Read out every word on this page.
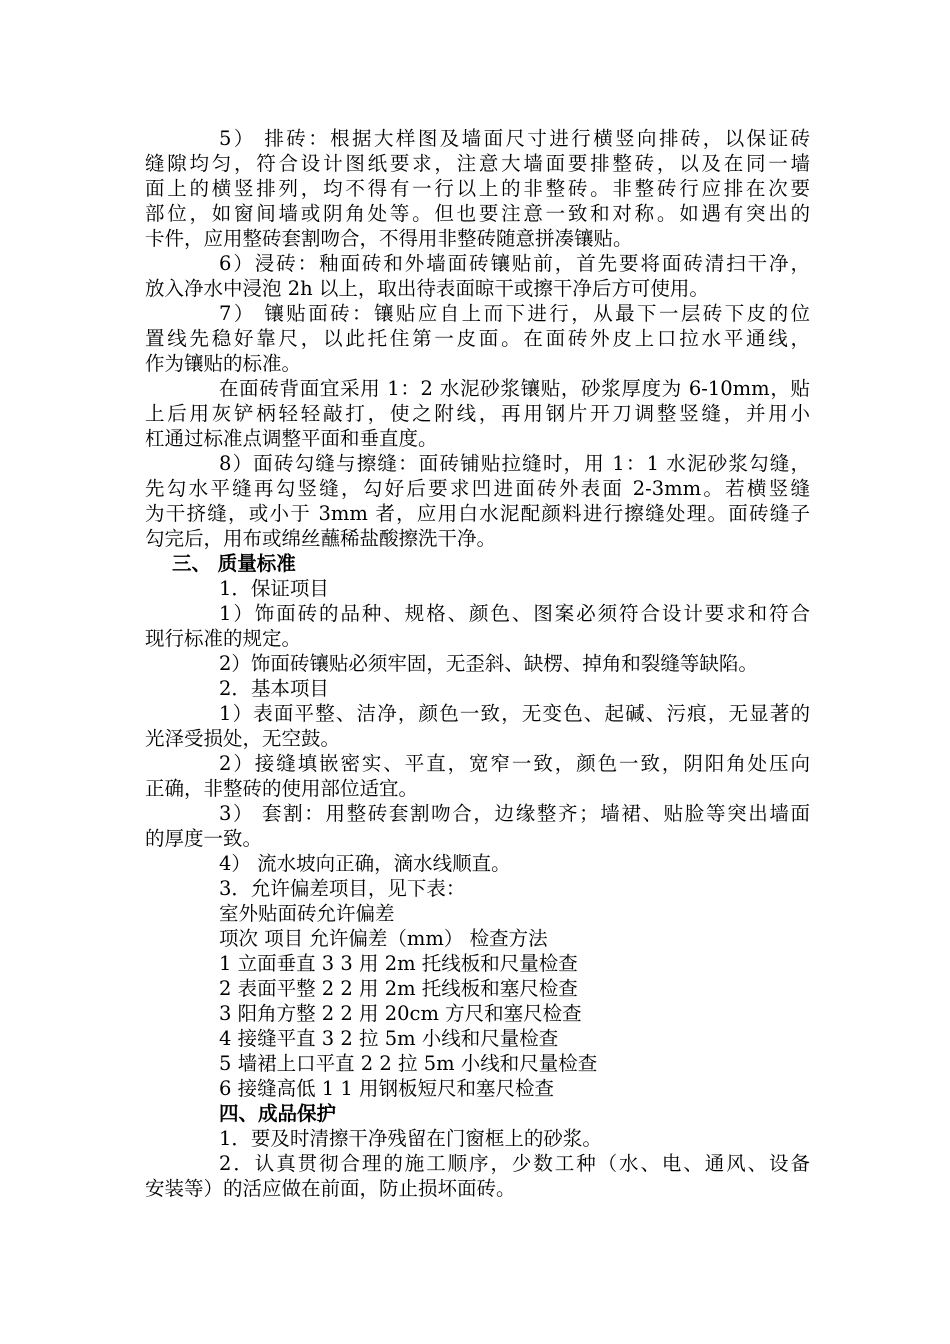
5） 排砖：根据大样图及墙面尺寸进行横竖向排砖，以保证砖
缝隙均匀，符合设计图纸要求，注意大墙面要排整砖，以及在同一墙
面上的横竖排列，均不得有一行以上的非整砖。非整砖行应排在次要
部位，如窗间墙或阴角处等。但也要注意一致和对称。如遇有突出的
卡件，应用整砖套割吻合，不得用非整砖随意拼凑镶贴。
6）浸砖：釉面砖和外墙面砖镶贴前，首先要将面砖清扫干净，
放入净水中浸泡 2h 以上，取出待表面晾干或擦干净后方可使用。
7） 镶贴面砖：镶贴应自上而下进行，从最下一层砖下皮的位
置线先稳好靠尺，以此托住第一皮面。在面砖外皮上口拉水平通线，
作为镶贴的标准。
在面砖背面宜采用 1：2 水泥砂浆镶贴，砂浆厚度为 6-10mm，贴
上后用灰铲柄轻轻敲打，使之附线，再用钢片开刀调整竖缝，并用小
杠通过标准点调整平面和垂直度。
8）面砖勾缝与擦缝：面砖铺贴拉缝时，用 1：1 水泥砂浆勾缝，
先勾水平缝再勾竖缝，勾好后要求凹进面砖外表面 2-3mm。若横竖缝
为干挤缝，或小于 3mm 者，应用白水泥配颜料进行擦缝处理。面砖缝子
勾完后，用布或绵丝蘸稀盐酸擦洗干净。
三、 质量标准
1．保证项目
1）饰面砖的品种、规格、颜色、图案必须符合设计要求和符合
现行标准的规定。
2）饰面砖镶贴必须牢固，无歪斜、缺楞、掉角和裂缝等缺陷。
2．基本项目
1）表面平整、洁净，颜色一致，无变色、起碱、污痕，无显著的
光泽受损处，无空鼓。
2）接缝填嵌密实、平直，宽窄一致，颜色一致，阴阳角处压向
正确，非整砖的使用部位适宜。
3） 套割：用整砖套割吻合，边缘整齐；墙裙、贴脸等突出墙面
的厚度一致。
4） 流水坡向正确，滴水线顺直。
3．允许偏差项目，见下表：
室外贴面砖允许偏差
项次 项目 允许偏差（mm） 检查方法
1 立面垂直 3 3 用 2m 托线板和尺量检查
2 表面平整 2 2 用 2m 托线板和塞尺检查
3 阳角方整 2 2 用 20cm 方尺和塞尺检查
4 接缝平直 3 2 拉 5m 小线和尺量检查
5 墙裙上口平直 2 2 拉 5m 小线和尺量检查
6 接缝高低 1 1 用钢板短尺和塞尺检查
四、成品保护
1．要及时清擦干净残留在门窗框上的砂浆。
2．认真贯彻合理的施工顺序，少数工种（水、电、通风、设备
安装等）的活应做在前面，防止损坏面砖。
